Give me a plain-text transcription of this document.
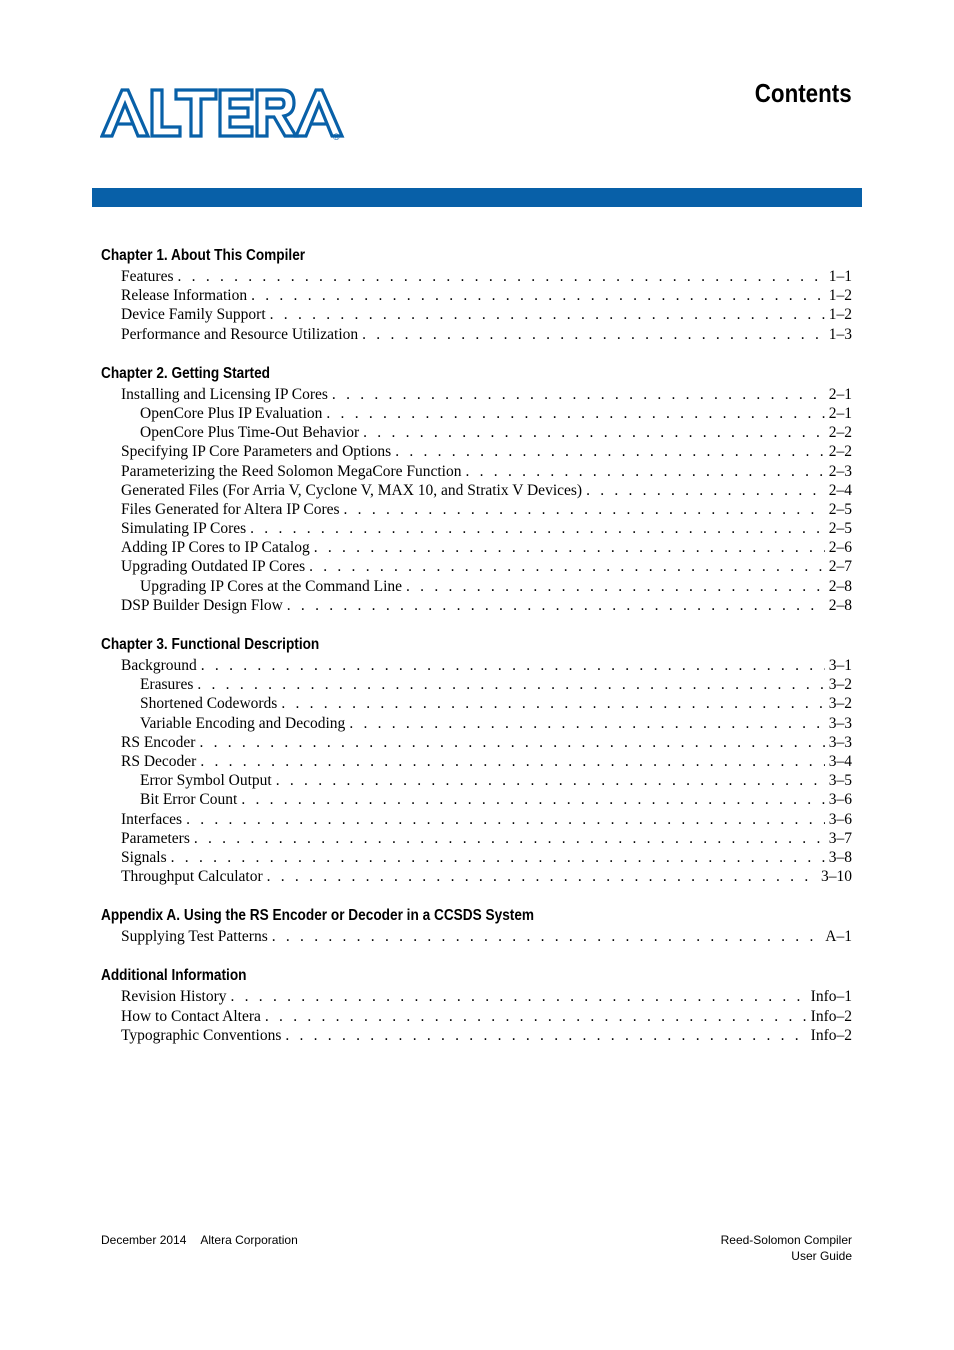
®
Contents
Chapter 1. About This Compiler
Features . . .	1–1
Release Information . . .	1–2
Device Family Support . . .	1–2
Performance and Resource Utilization . . .	1–3
Chapter 2. Getting Started
Installing and Licensing IP Cores . . .	2–1
OpenCore Plus IP Evaluation . . .	2–1
OpenCore Plus Time-Out Behavior . . .	2–2
Specifying IP Core Parameters and Options . . .	2–2
Parameterizing the Reed Solomon MegaCore Function . . .	2–3
Generated Files (For Arria V, Cyclone V, MAX 10, and Stratix V Devices) . . .	2–4
Files Generated for Altera IP Cores . . .	2–5
Simulating IP Cores . . .	2–5
Adding IP Cores to IP Catalog . . .	2–6
Upgrading Outdated IP Cores . . .	2–7
Upgrading IP Cores at the Command Line . . .	2–8
DSP Builder Design Flow . . .	2–8
Chapter 3. Functional Description
Background . . .	3–1
Erasures . . .	3–2
Shortened Codewords . . .	3–2
Variable Encoding and Decoding . . .	3–3
RS Encoder . . .	3–3
RS Decoder . . .	3–4
Error Symbol Output . . .	3–5
Bit Error Count . . .	3–6
Interfaces . . .	3–6
Parameters . . .	3–7
Signals . . .	3–8
Throughput Calculator . . .	3–10
Appendix A. Using the RS Encoder or Decoder in a CCSDS System
Supplying Test Patterns . . .	A–1
Additional Information
Revision History . . .	Info–1
How to Contact Altera . . .	Info–2
Typographic Conventions . . .	Info–2
December 2014 Altera Corporation	Reed-Solomon Compiler
User Guide
